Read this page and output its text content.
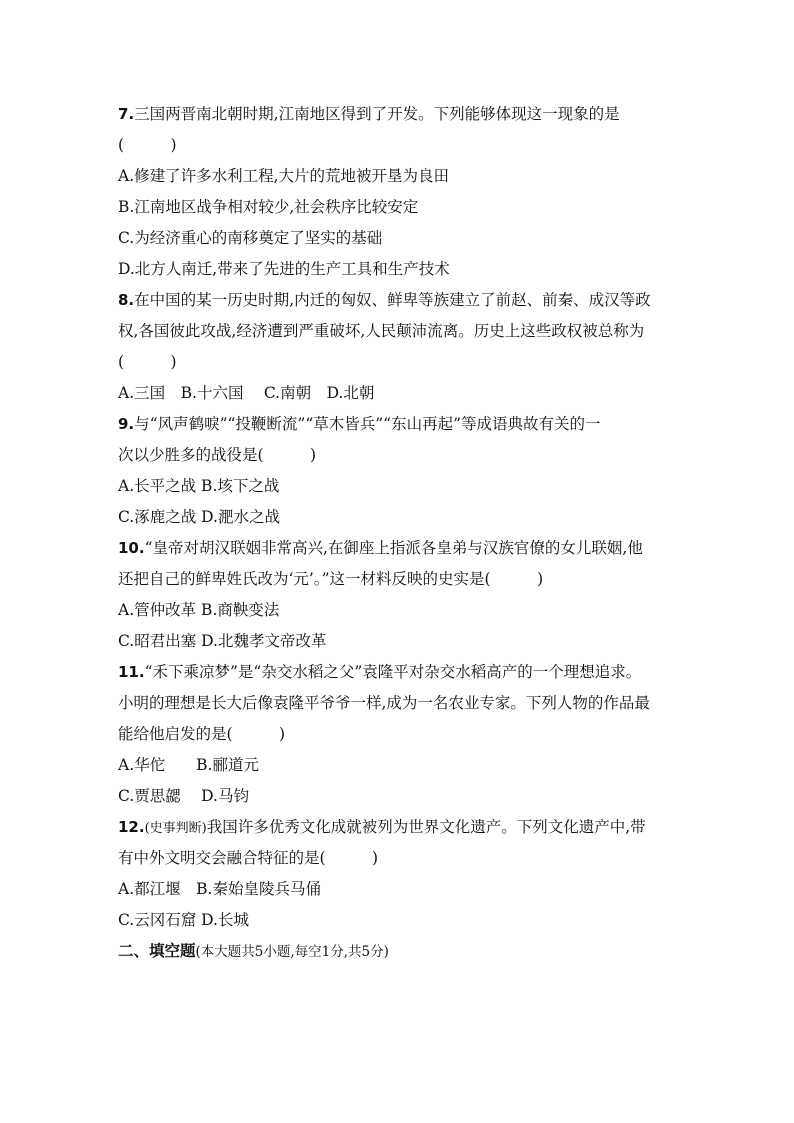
7.三国两晋南北朝时期,江南地区得到了开发。下列能够体现这一现象的是
(　　　)
A.修建了许多水利工程,大片的荒地被开垦为良田
B.江南地区战争相对较少,社会秩序比较安定
C.为经济重心的南移奠定了坚实的基础
D.北方人南迁,带来了先进的生产工具和生产技术
8.在中国的某一历史时期,内迁的匈奴、鲜卑等族建立了前赵、前秦、成汉等政
权,各国彼此攻战,经济遭到严重破坏,人民颠沛流离。历史上这些政权被总称为
(　　　)
A.三国　B.十六国　 C.南朝　D.北朝
9.与“风声鹤唳”“投鞭断流”“草木皆兵”“东山再起”等成语典故有关的一
次以少胜多的战役是(　　　)
A.长平之战 B.垓下之战
C.涿鹿之战 D.淝水之战
10.“皇帝对胡汉联姻非常高兴,在御座上指派各皇弟与汉族官僚的女儿联姻,他
还把自己的鲜卑姓氏改为‘元’。”这一材料反映的史实是(　　　)
A.管仲改革 B.商鞅变法
C.昭君出塞 D.北魏孝文帝改革
11.“禾下乘凉梦”是“杂交水稻之父”袁隆平对杂交水稻高产的一个理想追求。
小明的理想是长大后像袁隆平爷爷一样,成为一名农业专家。下列人物的作品最
能给他启发的是(　　　)
A.华佗　　B.郦道元
C.贾思勰　 D.马钧
12.(史事判断)我国许多优秀文化成就被列为世界文化遗产。下列文化遗产中,带
有中外文明交会融合特征的是(　　　)
A.都江堰　B.秦始皇陵兵马俑
C.云冈石窟 D.长城
二、填空题(本大题共5小题,每空1分,共5分)
